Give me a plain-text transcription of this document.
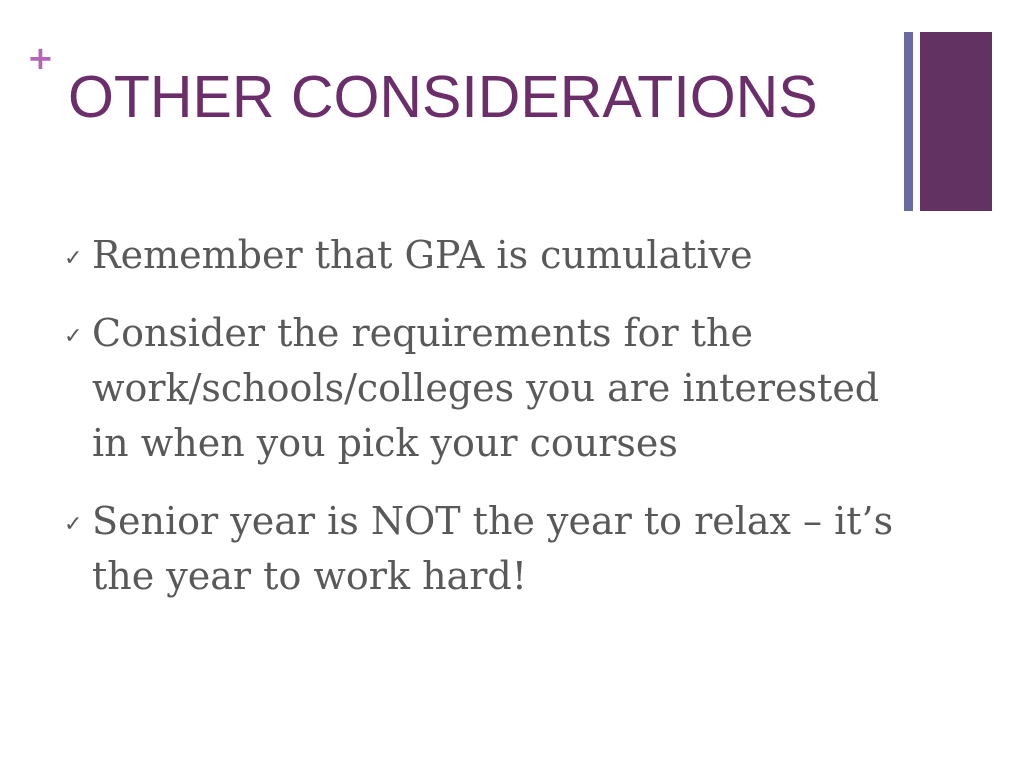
+
OTHER CONSIDERATIONS
✓ Remember that GPA is cumulative
✓ Consider the requirements for the work/schools/colleges you are interested in when you pick your courses
✓ Senior year is NOT the year to relax – it’s the year to work hard!
